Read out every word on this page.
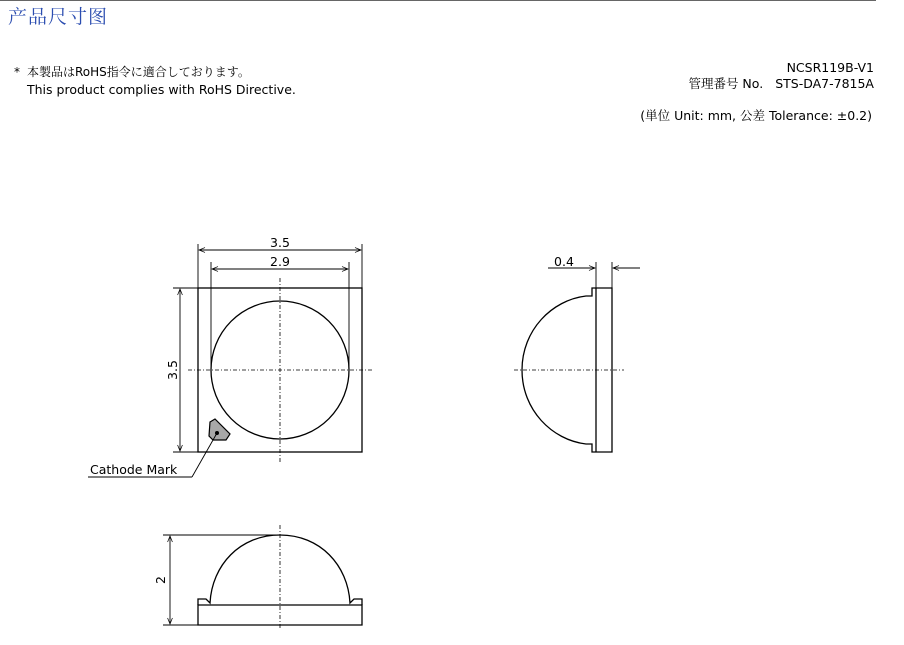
产品尺寸图
* 本製品はRoHS指令に適合しております。
This product complies with RoHS Directive.
NCSR119B-V1
管理番号 No. STS-DA7-7815A
(単位 Unit: mm, 公差 Tolerance: ±0.2)
3.5
2.9
3.5
Cathode Mark
0.4
2
